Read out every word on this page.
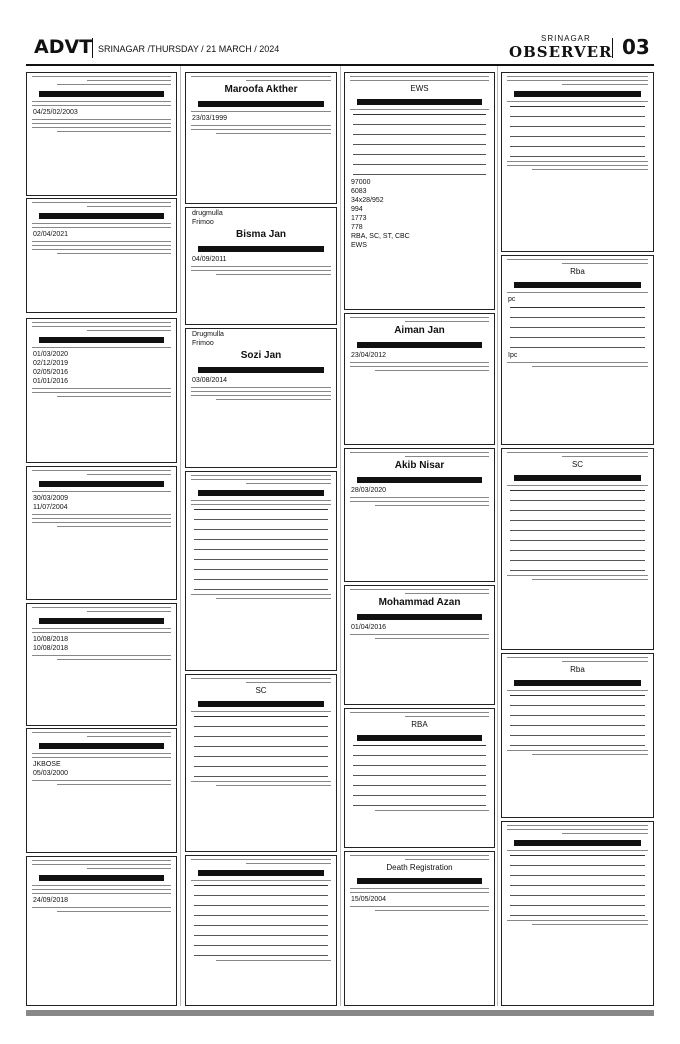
ADVT SRINAGAR /THURSDAY / 21 MARCH / 2024
SRINAGAR
OBSERVER 03
04/25/02/2003
02/04/2021
01/03/2020
02/12/2019
02/05/2016
01/01/2016
30/03/2009
11/07/2004
10/08/2018
10/08/2018
JKBOSE
05/03/2000
24/09/2018
Maroofa Akther
23/03/1999
drugmulla
Frimoo
Bisma Jan
04/09/2011
Drugmulla
Frimoo
Sozi Jan
03/08/2014
SC
EWS
97000
6083
34x28/952
994
1773
778
RBA, SC, ST, CBC
EWS
Aiman Jan
23/04/2012
Akib Nisar
28/03/2020
Mohammad Azan
01/04/2016
RBA
Death Registration
15/05/2004
Rba
pc
Ipc
SC
Rba
